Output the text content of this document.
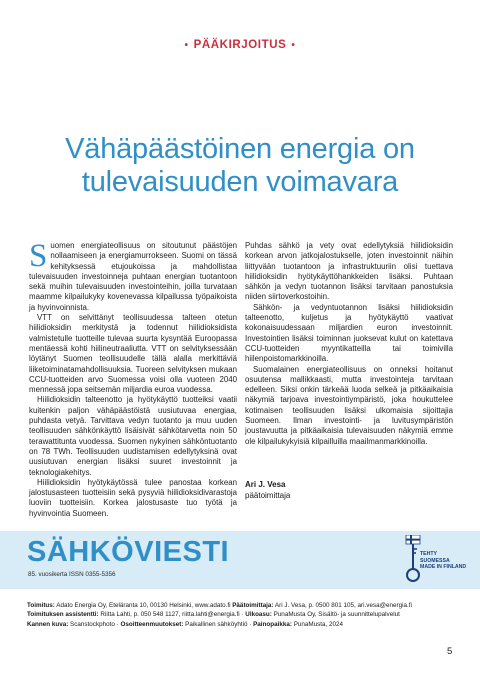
• PÄÄKIRJOITUS •
Vähäpäästöinen energia on
tulevaisuuden voimavara

Suomen energiateollisuus on sitoutunut päästöjen nollaamiseen ja energiamurrokseen. Suomi on tässä kehityksessä etujoukoissa ja mahdollistaa tulevaisuuden investoinneja puhtaan energian tuotantoon sekä muihin tulevaisuuden investointeihin, joilla turvataan maamme kilpailukyky kovenevassa kilpailussa työpaikoista ja hyvinvoinnista.

VTT on selvittänyt teollisuudessa talteen otetun hiilidioksidin merkitystä ja todennut hiilidioksidista valmistetulle tuotteille tulevaa suurta kysyntää Euroopassa mentäessä kohti hiilineutraaliutta. VTT on selvityksessään löytänyt Suomen teollisuudelle tällä alalla merkittäviä liiketoiminatamahdollisuuksia. Tuoreen selvityksen mukaan CCU-tuotteiden arvo Suomessa voisi olla vuoteen 2040 mennessä jopa seitsemän miljardia euroa vuodessa.

Hiilidioksidin talteenotto ja hyötykäyttö tuotteiksi vaatii kuitenkin paljon vähäpäästöistä uusiutuvaa energiaa, puhdasta vetyä. Tarvittava vedyn tuotanto ja muu uuden teollisuuden sähkönkäyttö lisäisivät sähkötarvetta noin 50 terawattitunta vuodessa. Suomen nykyinen sähköntuotanto on 78 TWh. Teollisuuden uudistamisen edellytyksinä ovat uusiutuvan energian lisäksi suuret investoinnit ja teknologiakehitys.

Hiilidioksidin hyötykäytössä tulee panostaa korkean jalostusasteen tuotteisiin sekä pysyviä hiilidioksidivarastoja luoviin tuotteisiin. Korkea jalostusaste tuo työtä ja hyvinvointia Suomeen.

Puhdas sähkö ja vety ovat edellytyksiä hiilidioksidin korkean arvon jatkojalostukselle, joten investoinnit näihin liittyvään tuotantoon ja infrastruktuuriin olisi tuettava hiilidioksidin hyötykäyttöhankkeiden lisäksi. Puhtaan sähkön ja vedyn tuotannon lisäksi tarvitaan panostuksia niiden siirtoverkostoihin.

Sähkön- ja vedyntuotannon lisäksi hiilidioksidin talteenotto, kuljetus ja hyötykäyttö vaativat kokonaisuudessaan miljardien euron investoinnit. Investointien lisäksi toiminnan juoksevat kulut on katettava CCU-tuotteiden myyntikatteilla tai toimivilla hiilenpoistomarkkinoilla.

Suomalainen energiateollisuus on onneksi hoitanut osuutensa mallikkaasti, mutta investointeja tarvitaan edelleen. Siksi onkin tärkeää luoda selkeä ja pitkäaikaisia näkymiä tarjoava investointiympäristö, joka houkuttelee kotimaisen teollisuuden lisäksi ulkomaisia sijoittajia Suomeen. Ilman investointi- ja luvitusympäristön joustavuutta ja pitkäaikaisia tulevaisuuden näkymiä emme ole kilpailukykyisiä kilpailluilla maailmanmarkkinoilla.

Ari J. Vesa
päätoimittaja
SÄHKÖVIESTI
85. vuosikerta ISSN 0355-5356
TEHTY SUOMESSA
MADE IN FINLAND
Toimitus: Adato Energia Oy, Eteläranta 10, 00130 Helsinki, www.adato.fi Päätoimittaja: Ari J. Vesa, p. 0500 801 105, ari.vesa@energia.fi
Toimituksen assistentti: Riitta Lahti, p. 050 548 1127, riitta.lahti@energia.fi · Ulkoasu: PunaMusta Oy, Sisältö- ja suunnittelupalvelut
Kannen kuva: Scanstockphoto · Osoitteenmuutokset: Paikallinen sähköyhtiö · Painopaikka: PunaMusta, 2024
5
